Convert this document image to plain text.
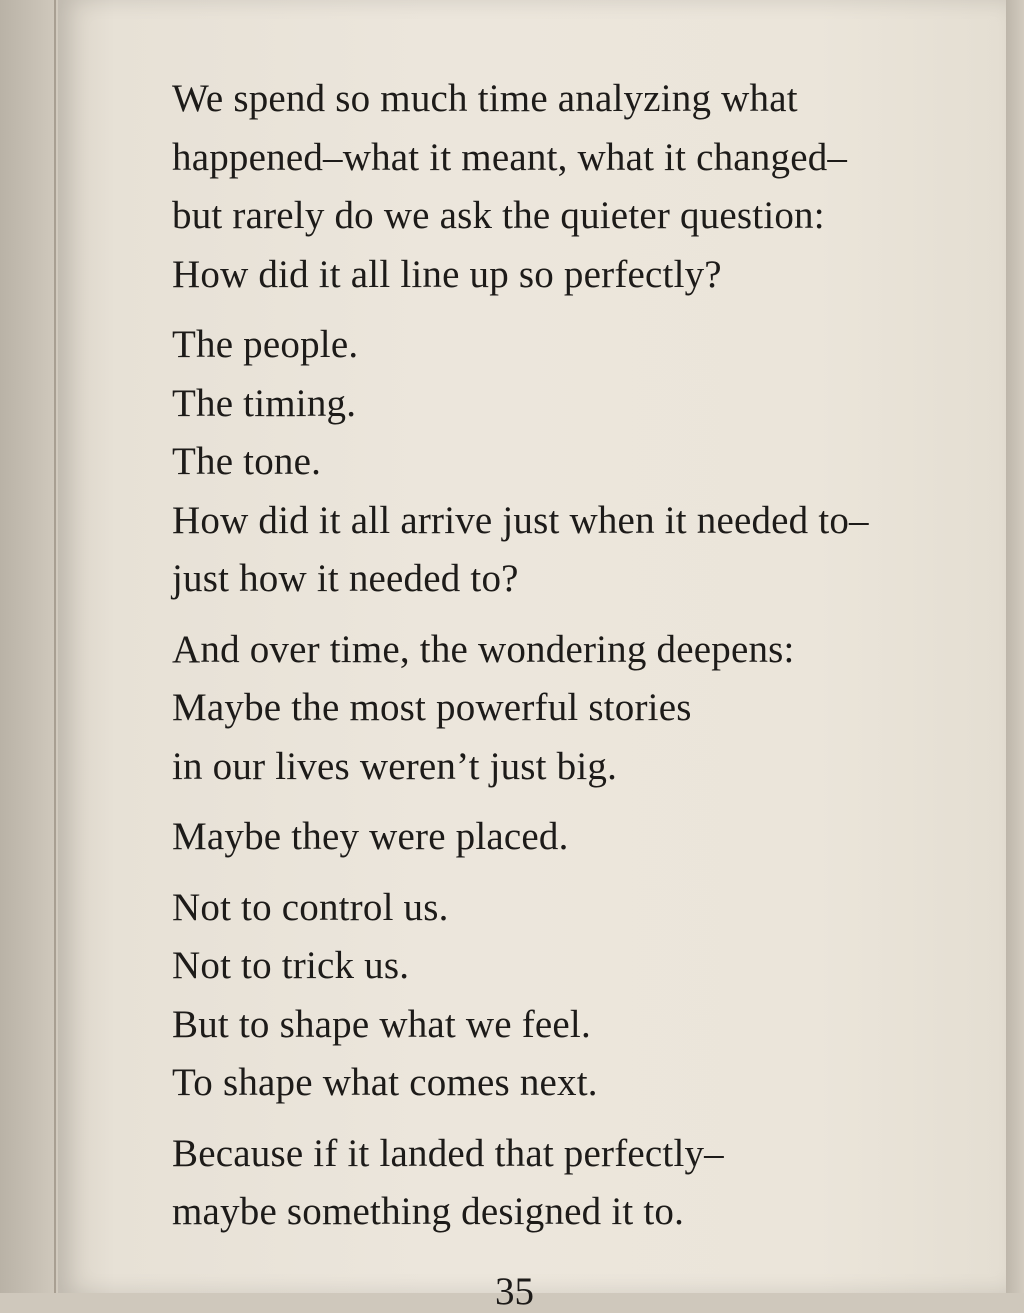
We spend so much time analyzing what
happened–what it meant, what it changed–
but rarely do we ask the quieter question:
How did it all line up so perfectly?
The people.
The timing.
The tone.
How did it all arrive just when it needed to–
just how it needed to?
And over time, the wondering deepens:
Maybe the most powerful stories
in our lives weren’t just big.
Maybe they were placed.
Not to control us.
Not to trick us.
But to shape what we feel.
To shape what comes next.
Because if it landed that perfectly–
maybe something designed it to.
35
